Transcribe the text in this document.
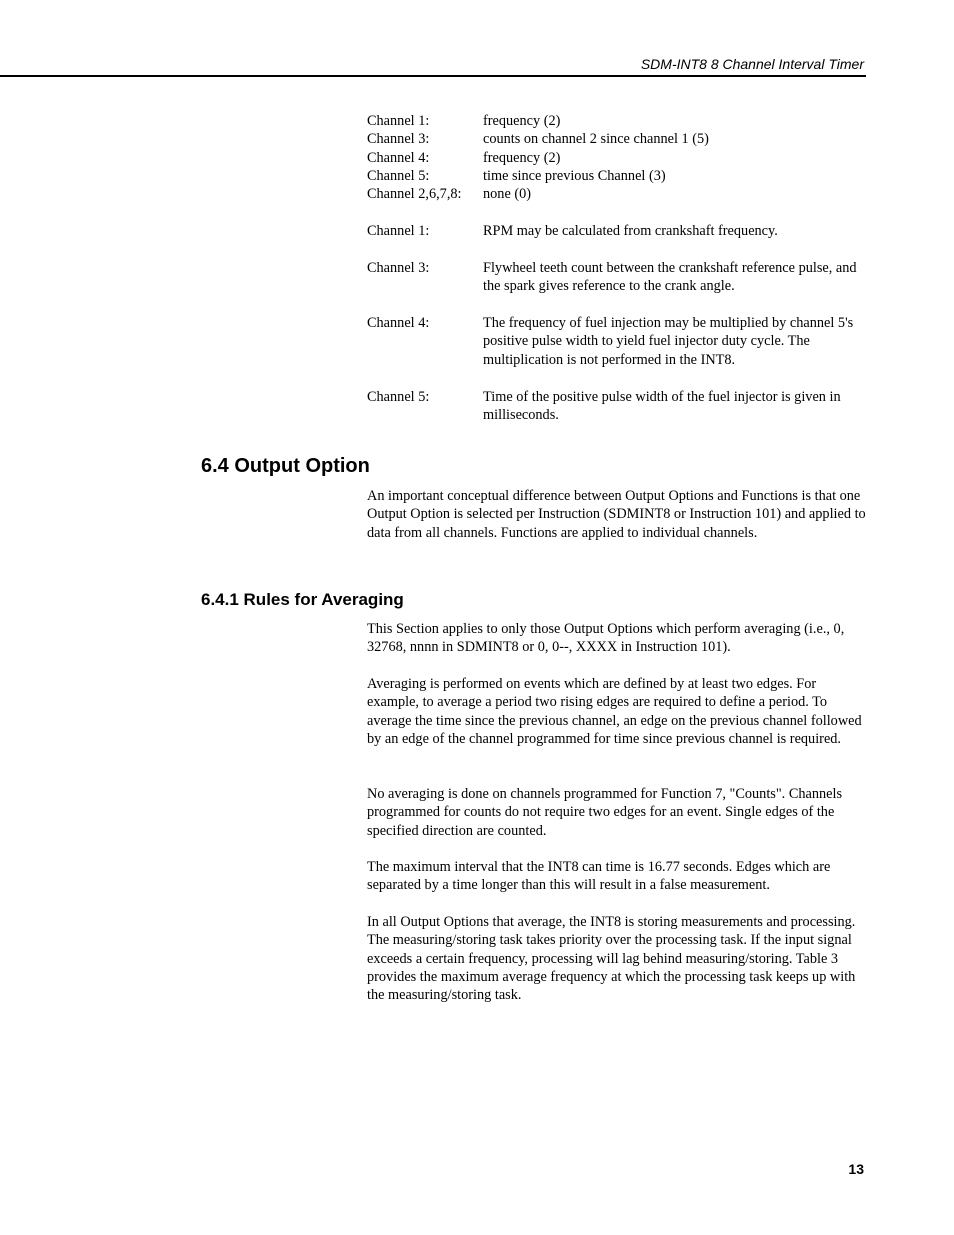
SDM-INT8 8 Channel Interval Timer
Channel 1:	frequency (2)
Channel 3:	counts on channel 2 since channel 1 (5)
Channel 4:	frequency (2)
Channel 5:	time since previous Channel (3)
Channel 2,6,7,8:	none (0)
Channel 1:	RPM may be calculated from crankshaft frequency.
Channel 3:	Flywheel teeth count between the crankshaft reference pulse, and the spark gives reference to the crank angle.
Channel 4:	The frequency of fuel injection may be multiplied by channel 5's positive pulse width to yield fuel injector duty cycle. The multiplication is not performed in the INT8.
Channel 5:	Time of the positive pulse width of the fuel injector is given in milliseconds.
6.4 Output Option

An important conceptual difference between Output Options and Functions is that one Output Option is selected per Instruction (SDMINT8 or Instruction 101) and applied to data from all channels. Functions are applied to individual channels.

6.4.1 Rules for Averaging

This Section applies to only those Output Options which perform averaging (i.e., 0, 32768, nnnn in SDMINT8 or 0, 0--, XXXX in Instruction 101).

Averaging is performed on events which are defined by at least two edges. For example, to average a period two rising edges are required to define a period. To average the time since the previous channel, an edge on the previous channel followed by an edge of the channel programmed for time since previous channel is required.

No averaging is done on channels programmed for Function 7, "Counts". Channels programmed for counts do not require two edges for an event. Single edges of the specified direction are counted.

The maximum interval that the INT8 can time is 16.77 seconds. Edges which are separated by a time longer than this will result in a false measurement.

In all Output Options that average, the INT8 is storing measurements and processing. The measuring/storing task takes priority over the processing task. If the input signal exceeds a certain frequency, processing will lag behind measuring/storing. Table 3 provides the maximum average frequency at which the processing task keeps up with the measuring/storing task.

13
